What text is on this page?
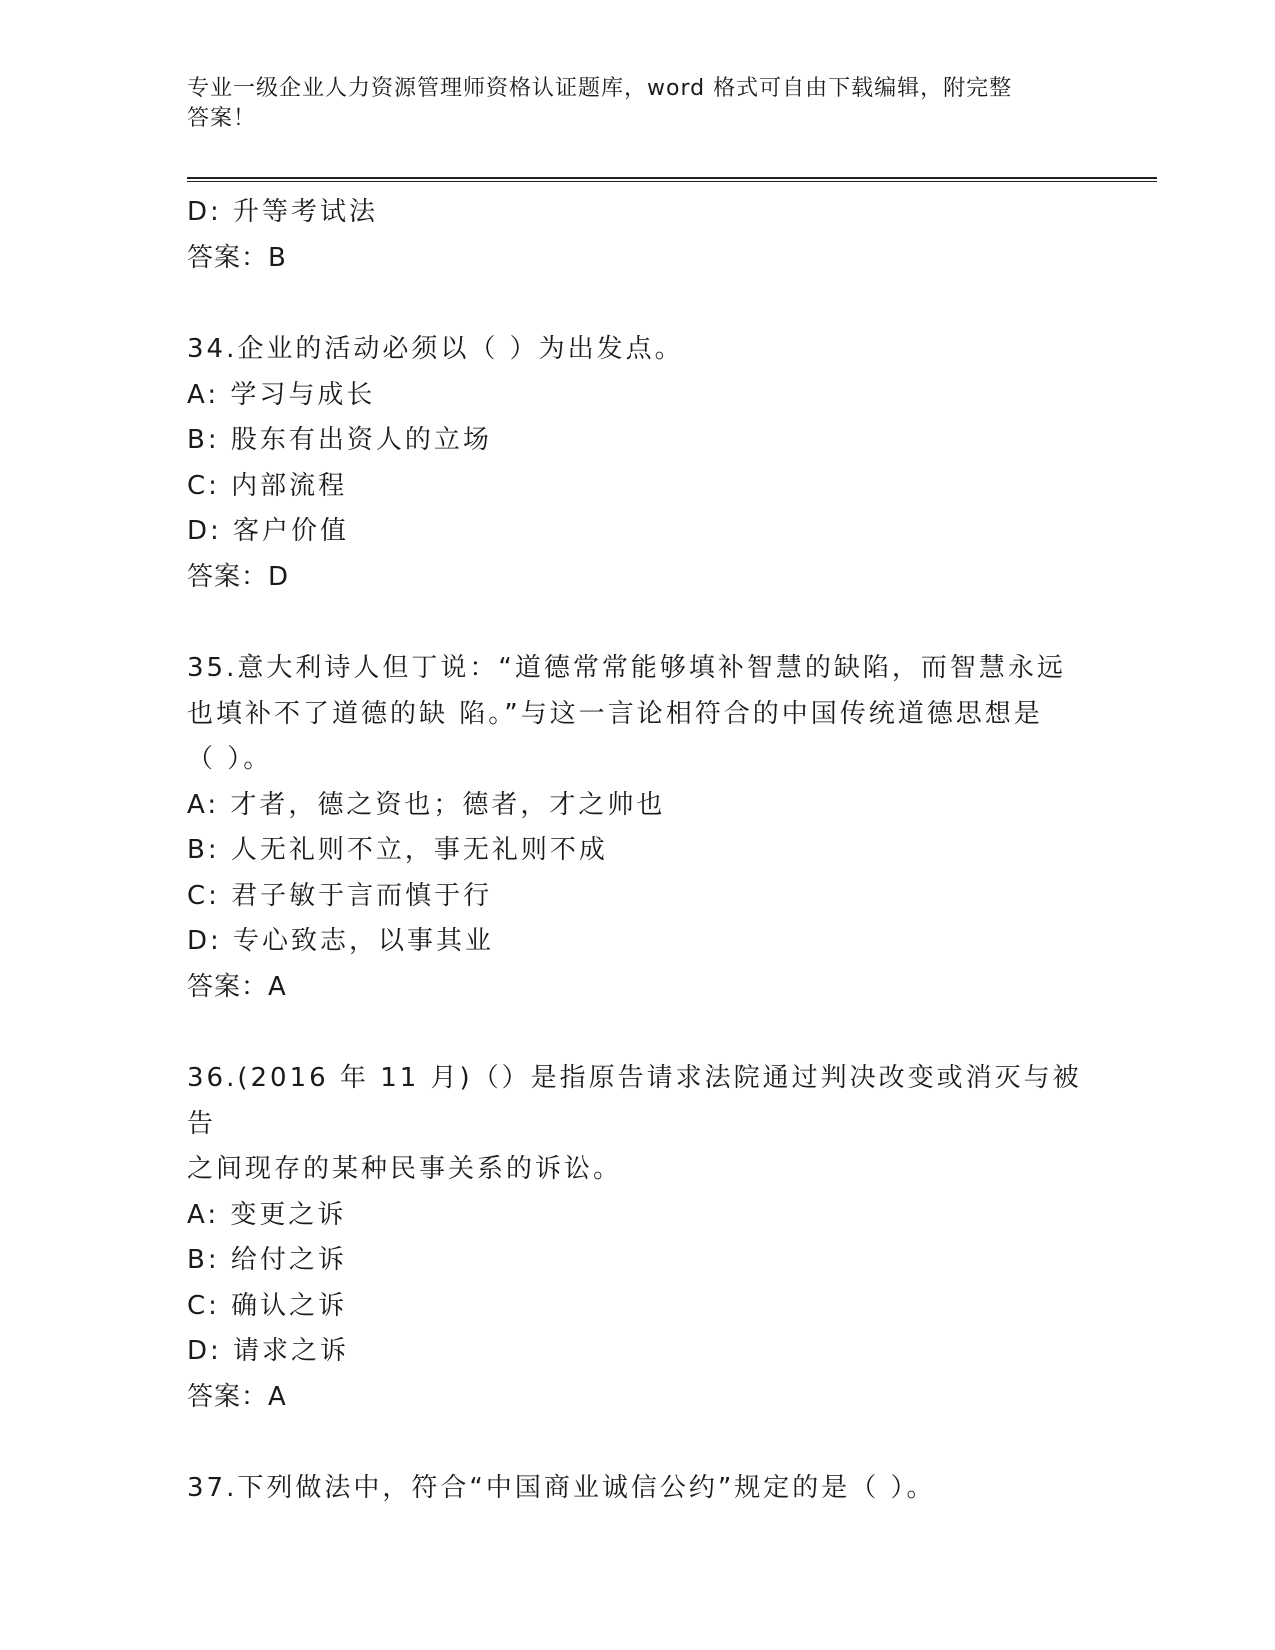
专业一级企业人力资源管理师资格认证题库，word 格式可自由下载编辑，附完整
答案！
D: 升等考试法
答案：B
34.企业的活动必须以（ ）为出发点。
A: 学习与成长
B: 股东有出资人的立场
C: 内部流程
D: 客户价值
答案：D
35.意大利诗人但丁说：“道德常常能够填补智慧的缺陷，而智慧永远
也填补不了道德的缺 陷。”与这一言论相符合的中国传统道德思想是
（ ）。
A: 才者，德之资也；德者，才之帅也
B: 人无礼则不立，事无礼则不成
C: 君子敏于言而慎于行
D: 专心致志，以事其业
答案：A
36.(2016 年 11 月)（）是指原告请求法院通过判决改变或消灭与被告
之间现存的某种民事关系的诉讼。
A: 变更之诉
B: 给付之诉
C: 确认之诉
D: 请求之诉
答案：A
37.下列做法中，符合“中国商业诚信公约”规定的是（ ）。
